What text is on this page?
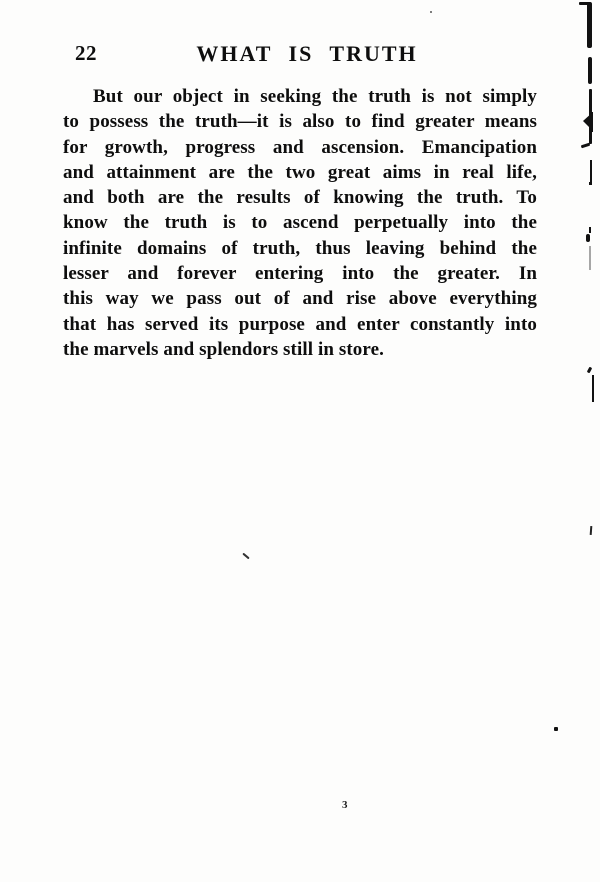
22	WHAT IS TRUTH
But our object in seeking the truth is not simply
to possess the truth—it is also to find greater means
for growth, progress and ascension. Emancipation
and attainment are the two great aims in real life,
and both are the results of knowing the truth. To
know the truth is to ascend perpetually into the
infinite domains of truth, thus leaving behind the
lesser and forever entering into the greater. In
this way we pass out of and rise above everything
that has served its purpose and enter constantly into
the marvels and splendors still in store.
3
